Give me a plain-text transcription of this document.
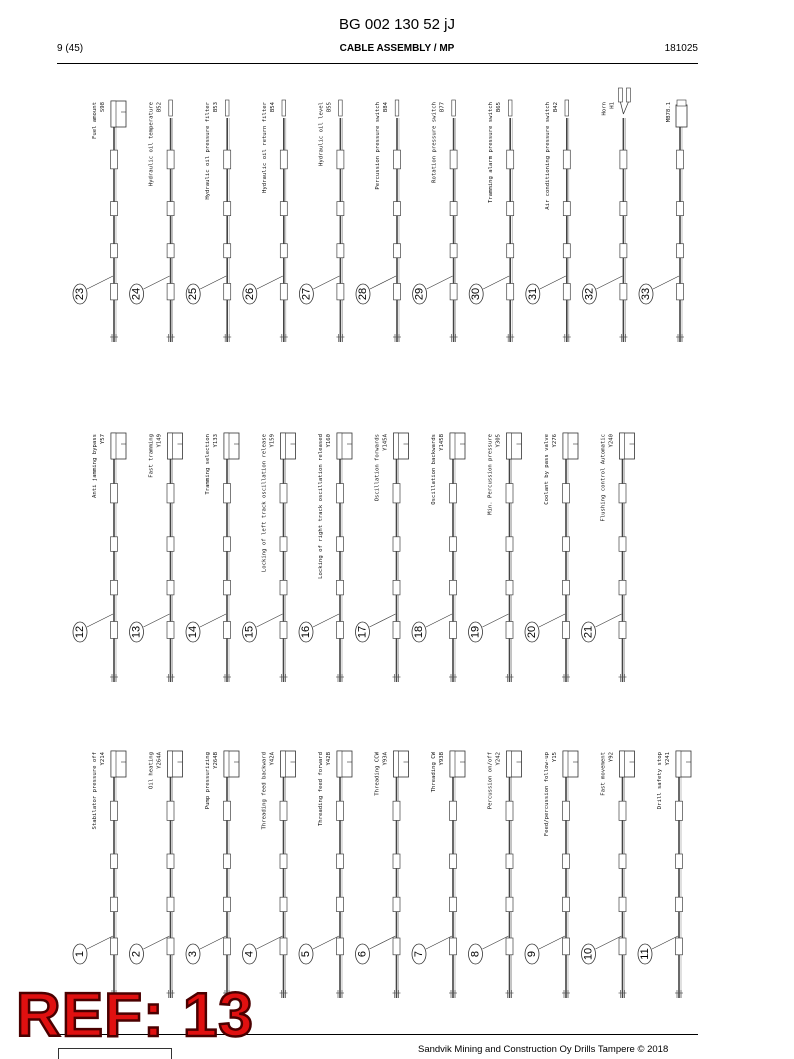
BG 002 130 52 jJ
9 (45)	CABLE ASSEMBLY / MP	181025
1
Y214
Stabilator pressure off
2
Y264A
Oil heating
3
Y264B
Pump pressurizing
4
Y42A
Threading feed backward
5
Y42B
Threading feed forward
6
Y93A
Threading CCW
7
Y93B
Threading CW
8
Y242
Percussion on/off
9
Y15
Feed/percussion follow-up
10
Y92
Fast movement
11
Y241
Drill safety stop
12
Y57
Anti jamming bypass
13
Y149
Fast tramming
14
Y133
Tramming selection
15
Y159
Locking of left track oscillation release
16
Y160
Locking of right track oscillation released
17
Y145A
Oscillation forwards
18
Y145B
Oscillation backwards
19
Y305
Min. Percussion pressure
20
Y276
Coolant by pass valve
21
Y240
Flushing control Automatic
23
S98
Fuel amount
24
B52
Hydraulic oil temperature
25
B53
Hydraulic oil pressure filter
26
B54
Hydraulic oil return filter
27
B55
Hydraulic oil level
28
B84
Percussion pressure switch
29
B77
Rotation pressure switch
30
B65
Tramming alarm pressure switch
31
B42
Air conditioning pressure switch
32
H1
Horn
33
MB78.1
Sandvik Mining and Construction Oy Drills Tampere © 2018
REF: 13
